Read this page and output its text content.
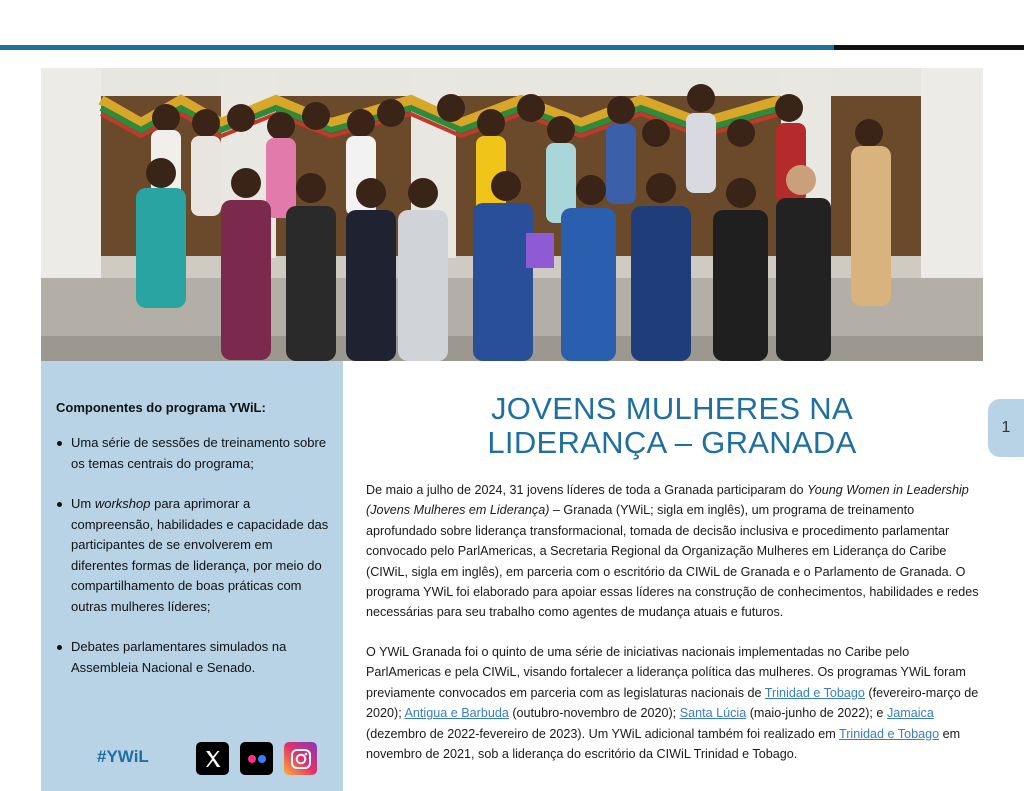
Componentes do programa YWiL:
Uma série de sessões de treinamento sobre os temas centrais do programa;
Um workshop para aprimorar a compreensão, habilidades e capacidade das participantes de se envolverem em diferentes formas de liderança, por meio do compartilhamento de boas práticas com outras mulheres líderes;
Debates parlamentares simulados na Assembleia Nacional e Senado.
#YWiL
JOVENS MULHERES NA
LIDERANÇA – GRANADA

De maio a julho de 2024, 31 jovens líderes de toda a Granada participaram do Young Women in Leadership (Jovens Mulheres em Liderança) – Granada (YWiL; sigla em inglês), um programa de treinamento aprofundado sobre liderança transformacional, tomada de decisão inclusiva e procedimento parlamentar convocado pelo ParlAmericas, a Secretaria Regional da Organização Mulheres em Liderança do Caribe (CIWiL, sigla em inglês), em parceria com o escritório da CIWiL de Granada e o Parlamento de Granada. O programa YWiL foi elaborado para apoiar essas líderes na construção de conhecimentos, habilidades e redes necessárias para seu trabalho como agentes de mudança atuais e futuros.

O YWiL Granada foi o quinto de uma série de iniciativas nacionais implementadas no Caribe pelo ParlAmericas e pela CIWiL, visando fortalecer a liderança política das mulheres. Os programas YWiL foram previamente convocados em parceria com as legislaturas nacionais de Trinidad e Tobago (fevereiro-março de 2020); Antigua e Barbuda (outubro-novembro de 2020); Santa Lúcia (maio-junho de 2022); e Jamaica (dezembro de 2022-fevereiro de 2023). Um YWiL adicional também foi realizado em Trinidad e Tobago em novembro de 2021, sob a liderança do escritório da CIWiL Trinidad e Tobago.

1
